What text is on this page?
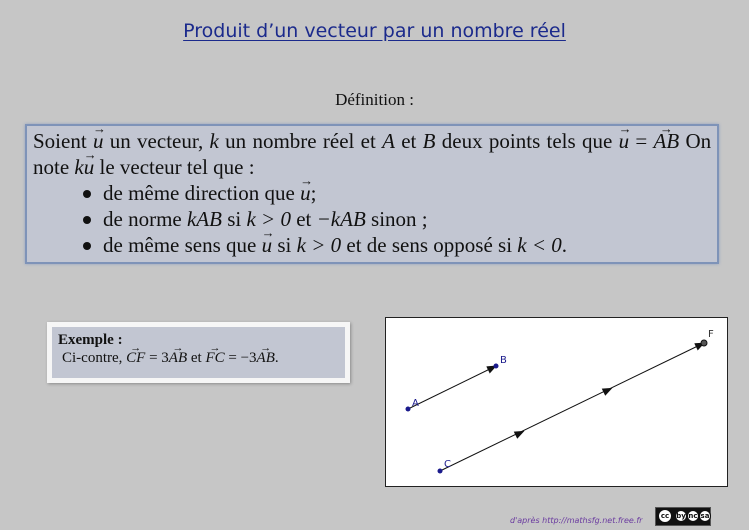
Produit d’un vecteur par un nombre réel
Définition :

Soient → u un vecteur, k un nombre réel et A et B deux points tels que → u = → AB On note k→ u le vecteur tel que :

de même direction que → u;
de norme kAB si k > 0 et −kAB sinon ;
de même sens que → u si k > 0 et de sens opposé si k < 0.
Exemple :
Ci-contre, → CF = 3→ AB et → FC = −3→ AB.
A
B
C
F
d'après http://mathsfg.net.free.fr	cc	by nc sa
